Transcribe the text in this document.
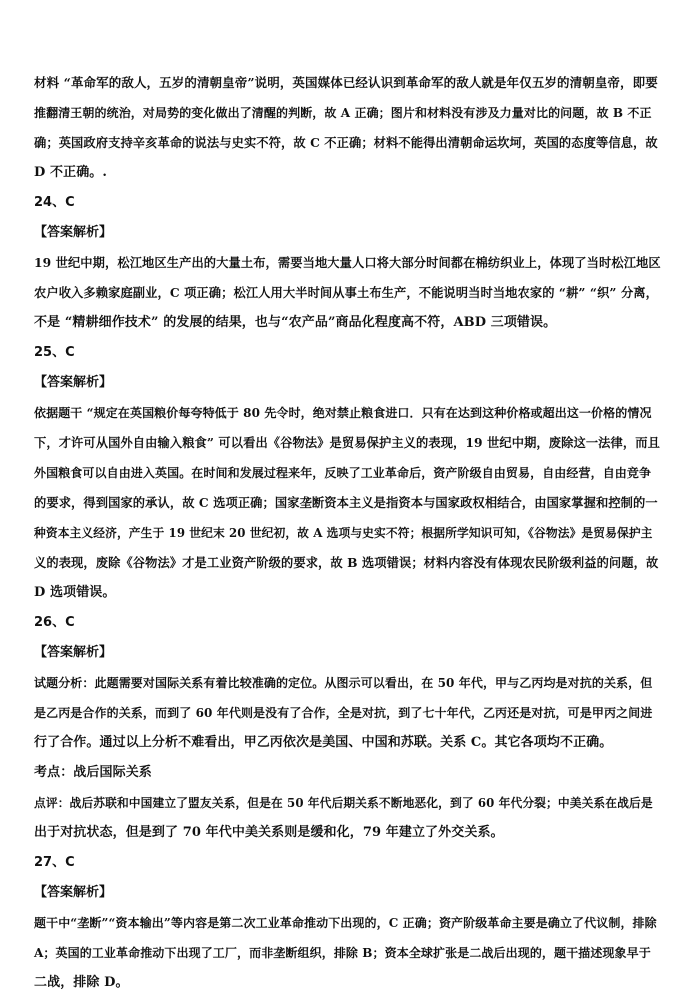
材料 “革命军的敌人，五岁的清朝皇帝”说明，英国媒体已经认识到革命军的敌人就是年仅五岁的清朝皇帝，即要
推翻清王朝的统治，对局势的变化做出了清醒的判断，故 A 正确；图片和材料没有涉及力量对比的问题，故 B 不正
确；英国政府支持辛亥革命的说法与史实不符，故 C 不正确；材料不能得出清朝命运坎坷，英国的态度等信息，故
D 不正确。.
24、C
【答案解析】
19 世纪中期，松江地区生产出的大量土布，需要当地大量人口将大部分时间都在棉纺织业上，体现了当时松江地区
农户收入多赖家庭副业，C 项正确；松江人用大半时间从事土布生产，不能说明当时当地农家的 “耕” “织” 分离，
不是 “精耕细作技术” 的发展的结果，也与“农产品”商品化程度高不符，ABD 三项错误。
25、C
【答案解析】
依据题干 “规定在英国粮价每夸特低于 80 先令时，绝对禁止粮食进口．只有在达到这种价格或超出这一价格的情况
下，才许可从国外自由输入粮食” 可以看出《谷物法》是贸易保护主义的表现，19 世纪中期，废除这一法律，而且
外国粮食可以自由进入英国。在时间和发展过程来年，反映了工业革命后，资产阶级自由贸易，自由经营，自由竞争
的要求，得到国家的承认，故 C 选项正确；国家垄断资本主义是指资本与国家政权相结合，由国家掌握和控制的一
种资本主义经济，产生于 19 世纪末 20 世纪初，故 A 选项与史实不符；根据所学知识可知，《谷物法》是贸易保护主
义的表现，废除《谷物法》才是工业资产阶级的要求，故 B 选项错误；材料内容没有体现农民阶级利益的问题，故
D 选项错误。
26、C
【答案解析】
试题分析：此题需要对国际关系有着比较准确的定位。从图示可以看出，在 50 年代，甲与乙丙均是对抗的关系，但
是乙丙是合作的关系，而到了 60 年代则是没有了合作，全是对抗，到了七十年代，乙丙还是对抗，可是甲丙之间进
行了合作。通过以上分析不难看出，甲乙丙依次是美国、中国和苏联。关系 C。其它各项均不正确。
考点：战后国际关系
点评：战后苏联和中国建立了盟友关系，但是在 50 年代后期关系不断地恶化，到了 60 年代分裂；中美关系在战后是
出于对抗状态，但是到了 70 年代中美关系则是缓和化，79 年建立了外交关系。
27、C
【答案解析】
题干中“垄断”“资本输出”等内容是第二次工业革命推动下出现的，C 正确；资产阶级革命主要是确立了代议制，排除
A；英国的工业革命推动下出现了工厂，而非垄断组织，排除 B；资本全球扩张是二战后出现的，题干描述现象早于
二战，排除 D。
